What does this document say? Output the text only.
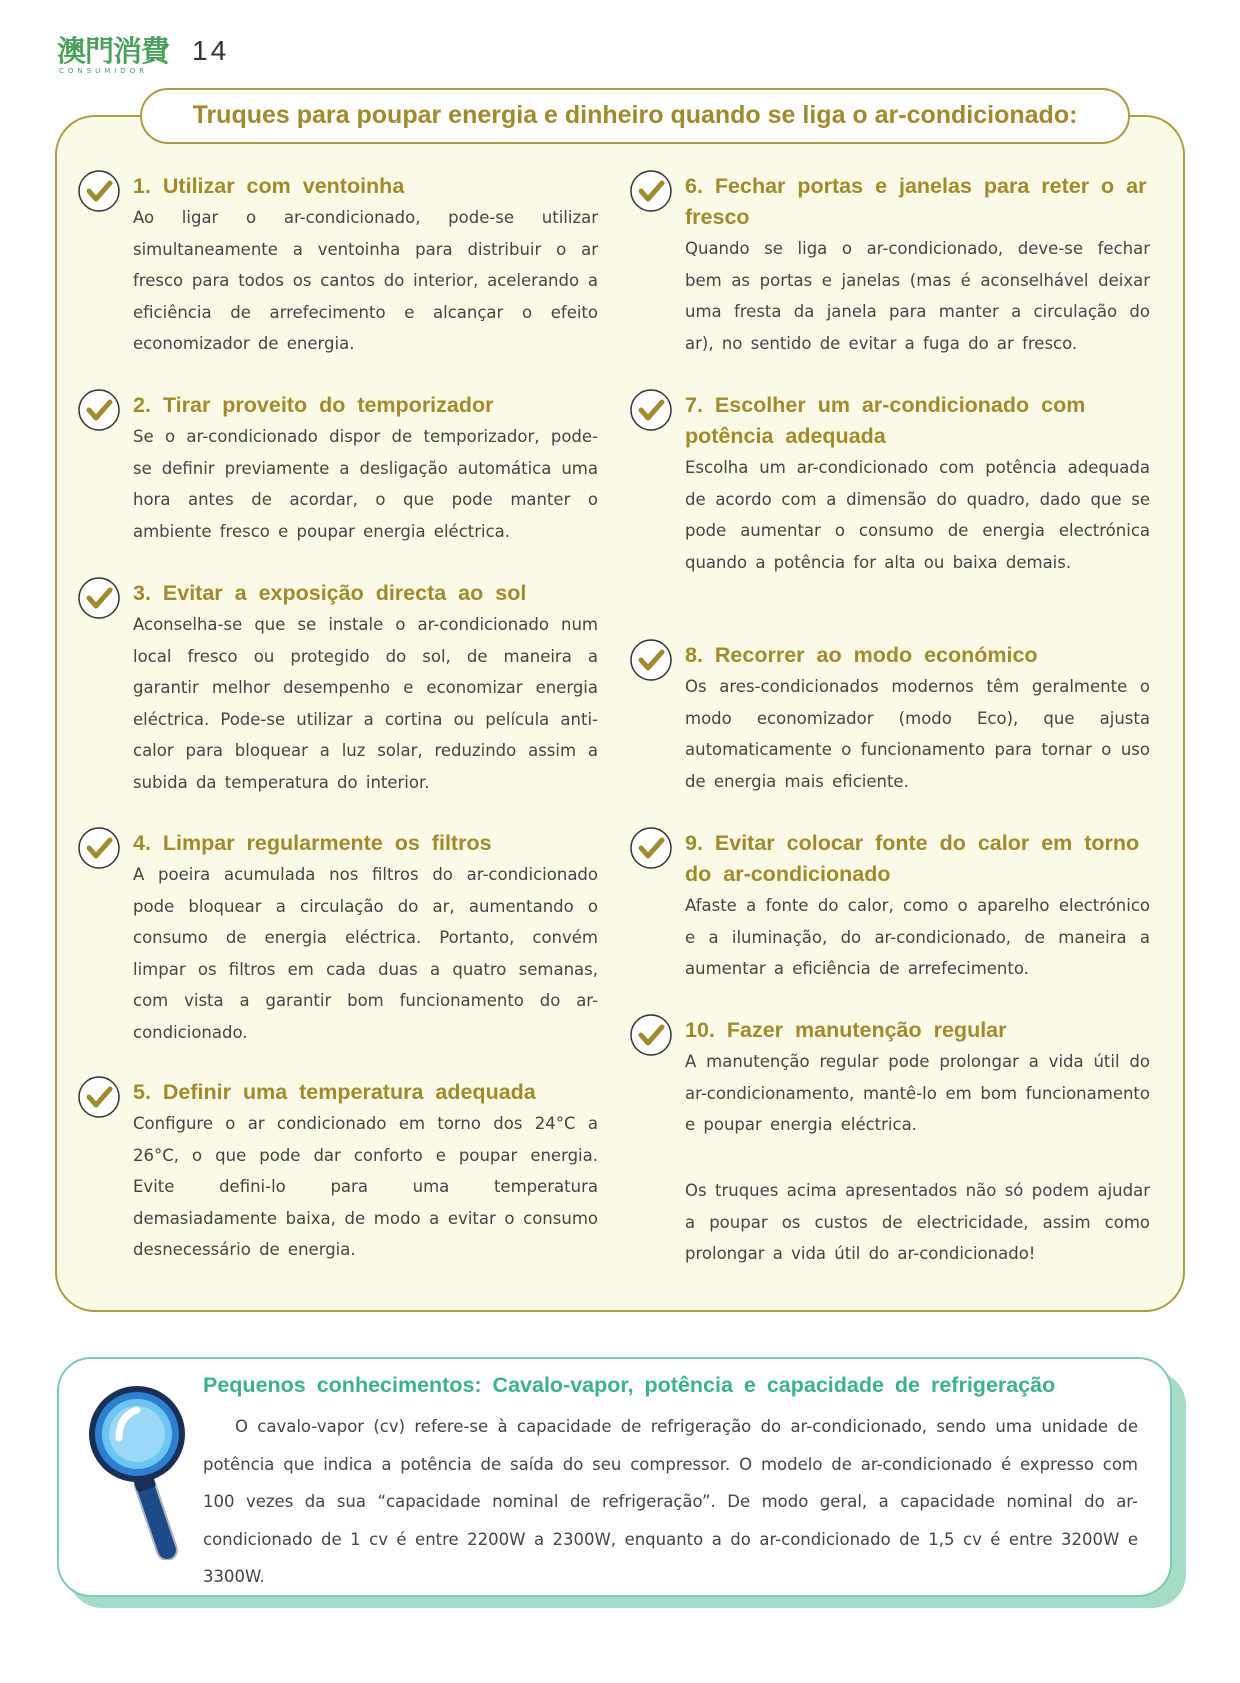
澳門消費
CONSUMIDOR
14
Truques para poupar energia e dinheiro quando se liga o ar-condicionado:
1. Utilizar com ventoinha

Ao ligar o ar-condicionado, pode-se utilizar simultaneamente a ventoinha para distribuir o ar fresco para todos os cantos do interior, acelerando a eficiência de arrefecimento e alcançar o efeito economizador de energia.

2. Tirar proveito do temporizador

Se o ar-condicionado dispor de temporizador, pode-se definir previamente a desligação automática uma hora antes de acordar, o que pode manter o ambiente fresco e poupar energia eléctrica.

3. Evitar a exposição directa ao sol

Aconselha-se que se instale o ar-condicionado num local fresco ou protegido do sol, de maneira a garantir melhor desempenho e economizar energia eléctrica. Pode-se utilizar a cortina ou película anti-calor para bloquear a luz solar, reduzindo assim a subida da temperatura do interior.

4. Limpar regularmente os filtros

A poeira acumulada nos filtros do ar-condicionado pode bloquear a circulação do ar, aumentando o consumo de energia eléctrica. Portanto, convém limpar os filtros em cada duas a quatro semanas, com vista a garantir bom funcionamento do ar-condicionado.

5. Definir uma temperatura adequada

Configure o ar condicionado em torno dos 24°C a 26°C, o que pode dar conforto e poupar energia. Evite defini-lo para uma temperatura demasiadamente baixa, de modo a evitar o consumo desnecessário de energia.

6. Fechar portas e janelas para reter o ar fresco

Quando se liga o ar-condicionado, deve-se fechar bem as portas e janelas (mas é aconselhável deixar uma fresta da janela para manter a circulação do ar), no sentido de evitar a fuga do ar fresco.

7. Escolher um ar-condicionado com potência adequada

Escolha um ar-condicionado com potência adequada de acordo com a dimensão do quadro, dado que se pode aumentar o consumo de energia electrónica quando a potência for alta ou baixa demais.

8. Recorrer ao modo económico

Os ares-condicionados modernos têm geralmente o modo economizador (modo Eco), que ajusta automaticamente o funcionamento para tornar o uso de energia mais eficiente.

9. Evitar colocar fonte do calor em torno do ar-condicionado

Afaste a fonte do calor, como o aparelho electrónico e a iluminação, do ar-condicionado, de maneira a aumentar a eficiência de arrefecimento.

10. Fazer manutenção regular

A manutenção regular pode prolongar a vida útil do ar-condicionamento, mantê-lo em bom funcionamento e poupar energia eléctrica.

Os truques acima apresentados não só podem ajudar a poupar os custos de electricidade, assim como prolongar a vida útil do ar-condicionado!

Pequenos conhecimentos: Cavalo-vapor, potência e capacidade de refrigeração

O cavalo-vapor (cv) refere-se à capacidade de refrigeração do ar-condicionado, sendo uma unidade de potência que indica a potência de saída do seu compressor. O modelo de ar-condicionado é expresso com 100 vezes da sua “capacidade nominal de refrigeração”. De modo geral, a capacidade nominal do ar-condicionado de 1 cv é entre 2200W a 2300W, enquanto a do ar-condicionado de 1,5 cv é entre 3200W e 3300W.
